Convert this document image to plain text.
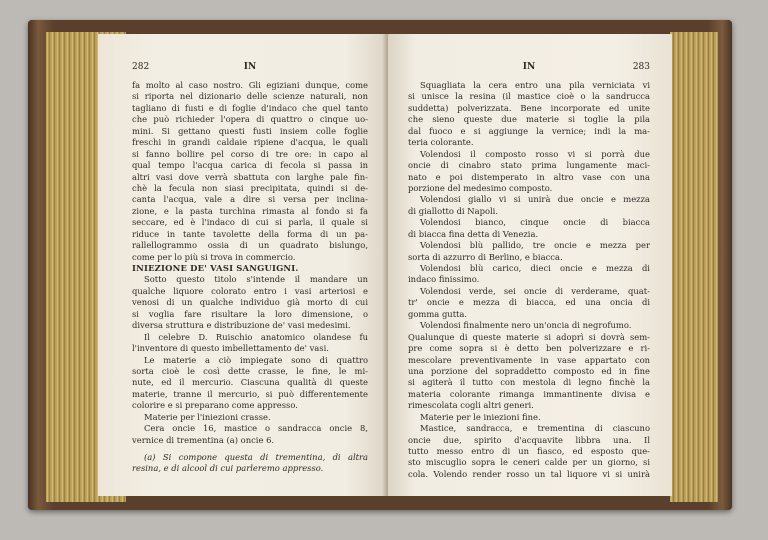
282	IN
fa molto al caso nostro. Gli egiziani dunque, come
si riporta nel dizionario delle scienze naturali, non
tagliano di fusti e di foglie d'indaco che quel tanto
che può richieder l'opera di quattro o cinque uo-
mini. Si gettano questi fusti insiem colle foglie
freschi in grandi caldaie ripiene d'acqua, le quali
si fanno bollire pel corso di tre ore: in capo al
qual tempo l'acqua carica di fecola si passa in
altri vasi dove verrà sbattuta con larghe pale fin-
chè la fecula non siasi precipitata, quindi si de-
canta l'acqua, vale a dire si versa per inclina-
zione, e la pasta turchina rimasta al fondo si fa
seccare, ed è l'indaco di cui si parla, il quale si
riduce in tante tavolette della forma di un pa-
rallellogrammo ossia di un quadrato bislungo,
come per lo più si trova in commercio.
INIEZIONE DE' VASI SANGUIGNI.
Sotto questo titolo s'intende il mandare un
qualche liquore colorato entro i vasi arteriosi e
venosi di un qualche individuo già morto di cui
si voglia fare risultare la loro dimensione, o
diversa struttura e distribuzione de' vasi medesimi.
Il celebre D. Ruischio anatomico olandese fu
l'inventore di questo imbellettamento de' vasi.
Le materie a ciò impiegate sono di quattro
sorta cioè le così dette crasse, le fine, le mi-
nute, ed il mercurio. Ciascuna qualità di queste
materie, tranne il mercurio, si può differentemente
colorire e si preparano come appresso.
Materie per l'iniezioni crasse.
Cera oncie 16, mastice o sandracca oncie 8,
vernice di trementina (a) oncie 6.
(a) Si compone questa di trementina, di altra
resina, e di alcool di cui parleremo appresso.
IN	283
Squagliata la cera entro una pila verniciata vi
si unisce la resina (il mastice cioè o la sandrucca
suddetta) polverizzata. Bene incorporate ed unite
che sieno queste due materie si toglie la pila
dal fuoco e si aggiunge la vernice; indi la ma-
teria colorante.
Volendosi il composto rosso vi si porrà due
oncie di cinabro stato prima lungamente maci-
nato e poi distemperato in altro vase con una
porzione del medesimo composto.
Volendosi giallo vi si unirà due oncie e mezza
di giallotto di Napoli.
Volendosi bianco, cinque oncie di biacca
di biacca fina detta di Venezia.
Volendosi blù pallido, tre oncie e mezza per
sorta di azzurro di Berlino, e biacca.
Volendosi blù carico, dieci oncie e mezza di
indaco finissimo.
Volendosi verde, sei oncie di verderame, quat-
tr' oncie e mezza di biacca, ed una oncia di
gomma gutta.
Volendosi finalmente nero un'oncia di negrofumo.
Qualunque di queste materie si adoprì si dovrà sem-
pre come sopra si è detto ben polverizzare e ri-
mescolare preventivamente in vase appartato con
una porzione del sopraddetto composto ed in fine
si agiterà il tutto con mestola di legno finchè la
materia colorante rimanga immantinente divisa e
rimescolata cogli altri generi.
Materie per le iniezioni fine.
Mastice, sandracca, e trementina di ciascuno
oncie due, spirito d'acquavite libbra una. Il
tutto messo entro di un fiasco, ed esposto que-
sto miscuglio sopra le ceneri calde per un giorno, si
cola. Volendo render rosso un tal liquore vi si unirà
